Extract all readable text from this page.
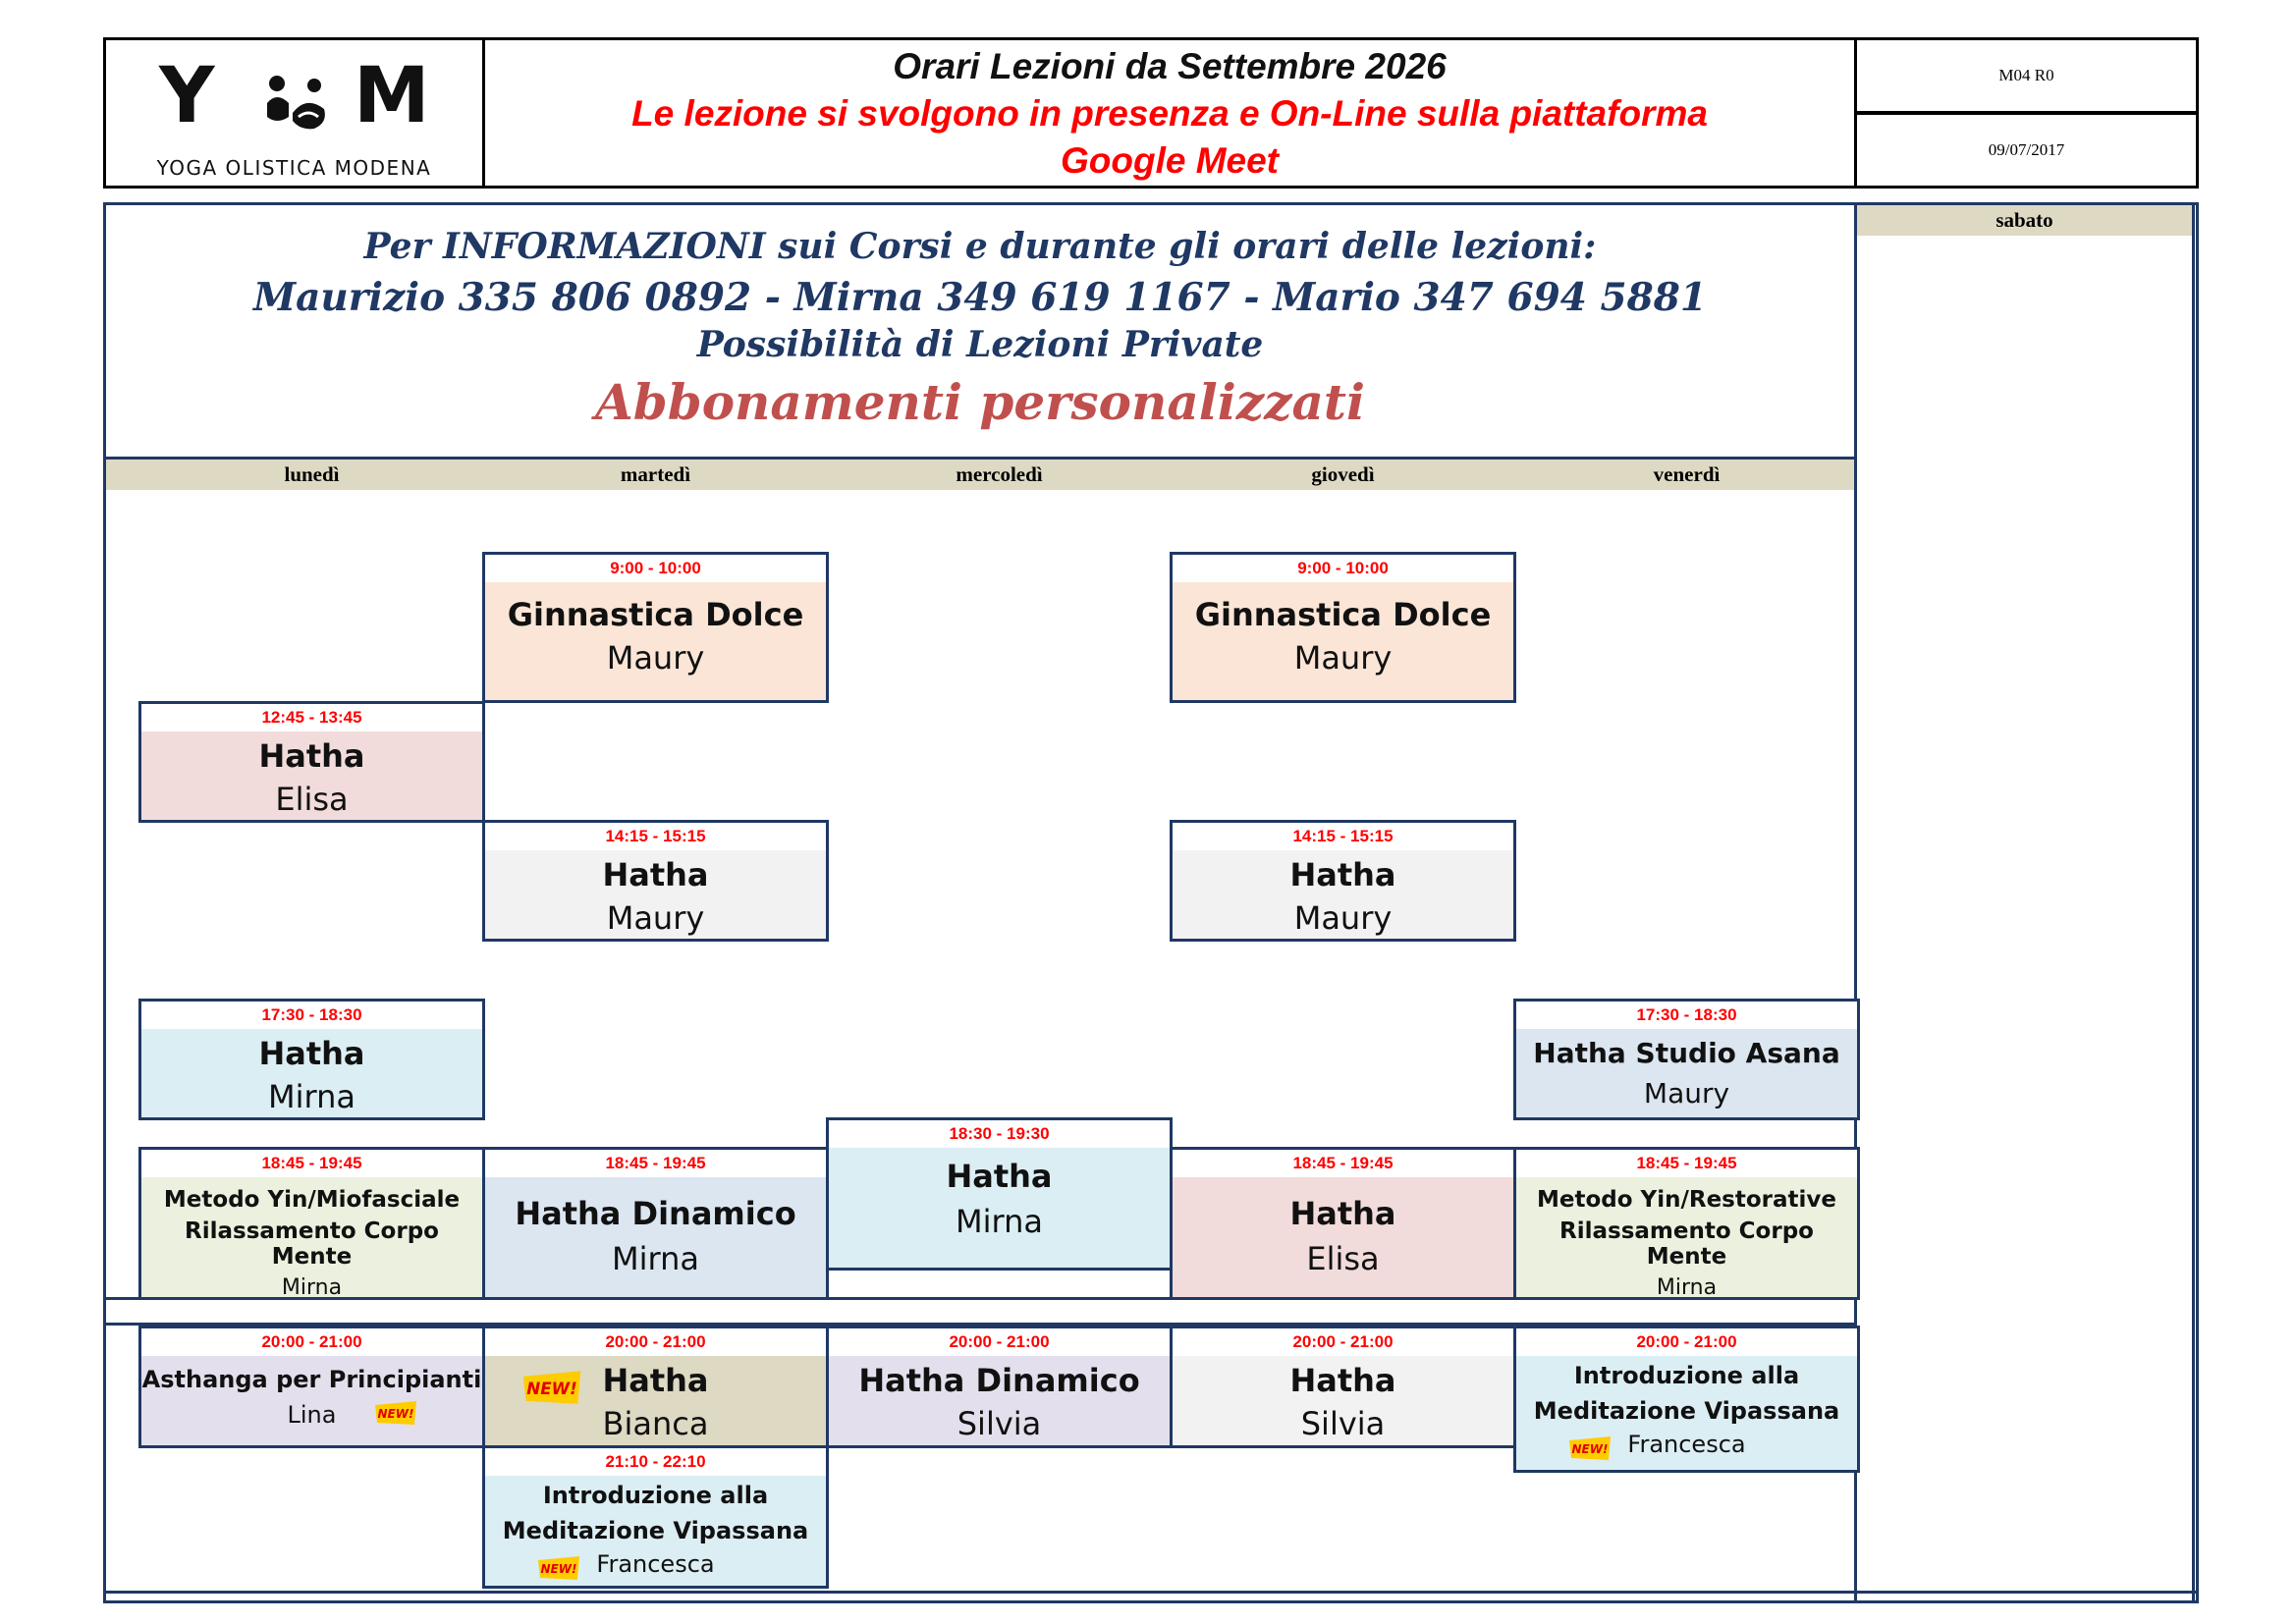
Y M
YOGA OLISTICA MODENA
Orari Lezioni da Settembre 2026
Le lezione si svolgono in presenza e On-Line sulla piattaforma
Google Meet
M04 R0
09/07/2017
sabato
Per INFORMAZIONI sui Corsi e durante gli orari delle lezioni:
Maurizio 335 806 0892 - Mirna 349 619 1167 - Mario 347 694 5881
Possibilità di Lezioni Private
Abbonamenti personalizzati
lunedì	martedì	mercoledì	giovedì	venerdì
9:00 - 10:00
Ginnastica Dolce
Maury
9:00 - 10:00
Ginnastica Dolce
Maury
12:45 - 13:45
Hatha
Elisa
14:15 - 15:15
Hatha
Maury
14:15 - 15:15
Hatha
Maury
17:30 - 18:30
Hatha
Mirna
17:30 - 18:30
Hatha Studio Asana
Maury
18:30 - 19:30
Hatha
Mirna
18:45 - 19:45
Metodo Yin/Miofasciale
Rilassamento Corpo Mente
Mirna
18:45 - 19:45
Hatha Dinamico
Mirna
18:45 - 19:45
Hatha
Elisa
18:45 - 19:45
Metodo Yin/Restorative
Rilassamento Corpo Mente
Mirna
20:00 - 21:00
Asthanga per Principianti
Lina	NEW!
20:00 - 21:00
Hatha
Bianca
NEW!
20:00 - 21:00
Hatha Dinamico
Silvia
20:00 - 21:00
Hatha
Silvia
20:00 - 21:00
Introduzione alla
Meditazione Vipassana
Francesca
NEW!
21:10 - 22:10
Introduzione alla
Meditazione Vipassana
Francesca
NEW!
